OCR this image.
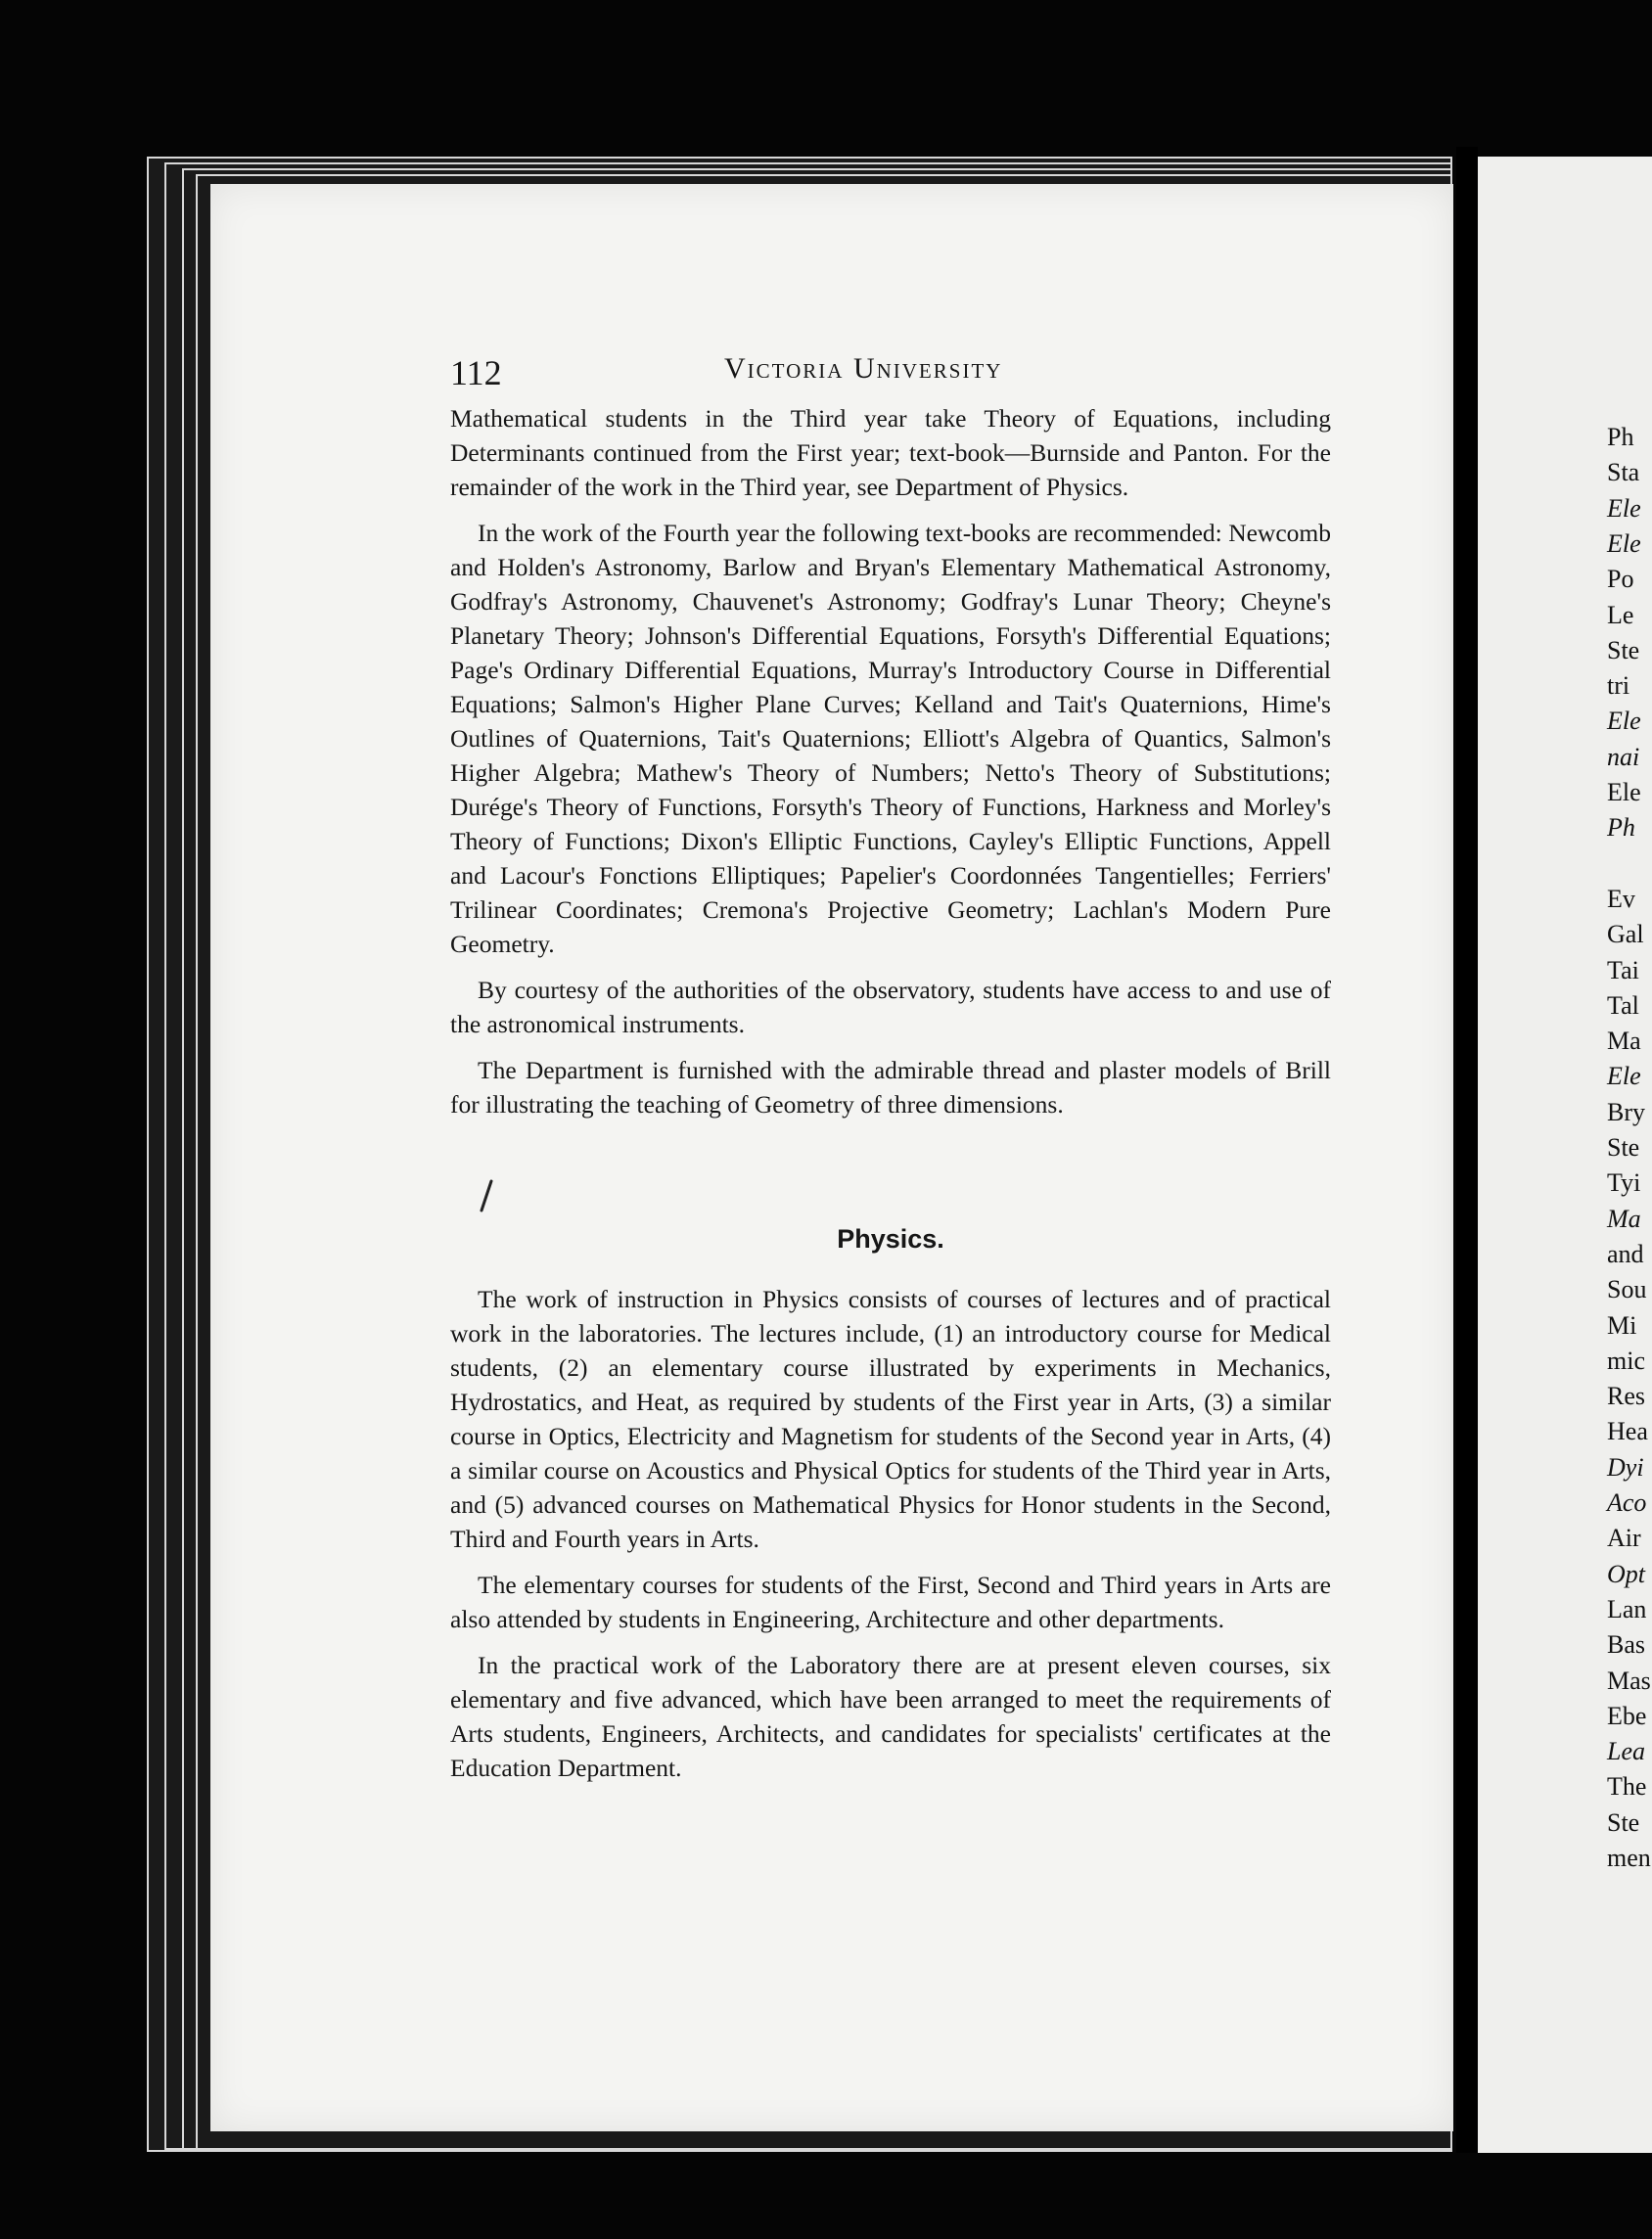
Ph
Sta
Ele
Ele
Po
Le
Ste
tri
Ele
nai
Ele
Ph
Ev
Gal
Tai
Tal
Ma
Ele
Bry
Ste
Tyi
Ma
and
Sou
Mi
mic
Res
Hea
Dyi
Aco
Air
Opt
Lan
Bas
Mas
Ebe
Lea
The
Ste
men
112	Victoria University

Mathematical students in the Third year take Theory of Equations, including Determinants continued from the First year; text-book—Burnside and Panton. For the remainder of the work in the Third year, see Department of Physics.

In the work of the Fourth year the following text-books are recommended: Newcomb and Holden's Astronomy, Barlow and Bryan's Elementary Mathematical Astronomy, Godfray's Astronomy, Chauvenet's Astronomy; Godfray's Lunar Theory; Cheyne's Planetary Theory; Johnson's Differential Equations, Forsyth's Differential Equations; Page's Ordinary Differential Equations, Murray's Introductory Course in Differential Equations; Salmon's Higher Plane Curves; Kelland and Tait's Quaternions, Hime's Outlines of Quaternions, Tait's Quaternions; Elliott's Algebra of Quantics, Salmon's Higher Algebra; Mathew's Theory of Numbers; Netto's Theory of Substitutions; Durége's Theory of Functions, Forsyth's Theory of Functions, Harkness and Morley's Theory of Functions; Dixon's Elliptic Functions, Cayley's Elliptic Functions, Appell and Lacour's Fonctions Elliptiques; Papelier's Coordonnées Tangentielles; Ferriers' Trilinear Coordinates; Cremona's Projective Geometry; Lachlan's Modern Pure Geometry.

By courtesy of the authorities of the observatory, students have access to and use of the astronomical instruments.

The Department is furnished with the admirable thread and plaster models of Brill for illustrating the teaching of Geometry of three dimensions.

Physics.

The work of instruction in Physics consists of courses of lectures and of practical work in the laboratories. The lectures include, (1) an introductory course for Medical students, (2) an elementary course illustrated by experiments in Mechanics, Hydrostatics, and Heat, as required by students of the First year in Arts, (3) a similar course in Optics, Electricity and Magnetism for students of the Second year in Arts, (4) a similar course on Acoustics and Physical Optics for students of the Third year in Arts, and (5) advanced courses on Mathematical Physics for Honor students in the Second, Third and Fourth years in Arts.

The elementary courses for students of the First, Second and Third years in Arts are also attended by students in Engineering, Architecture and other departments.

In the practical work of the Laboratory there are at present eleven courses, six elementary and five advanced, which have been arranged to meet the requirements of Arts students, Engineers, Architects, and candidates for specialists' certificates at the Education Department.
